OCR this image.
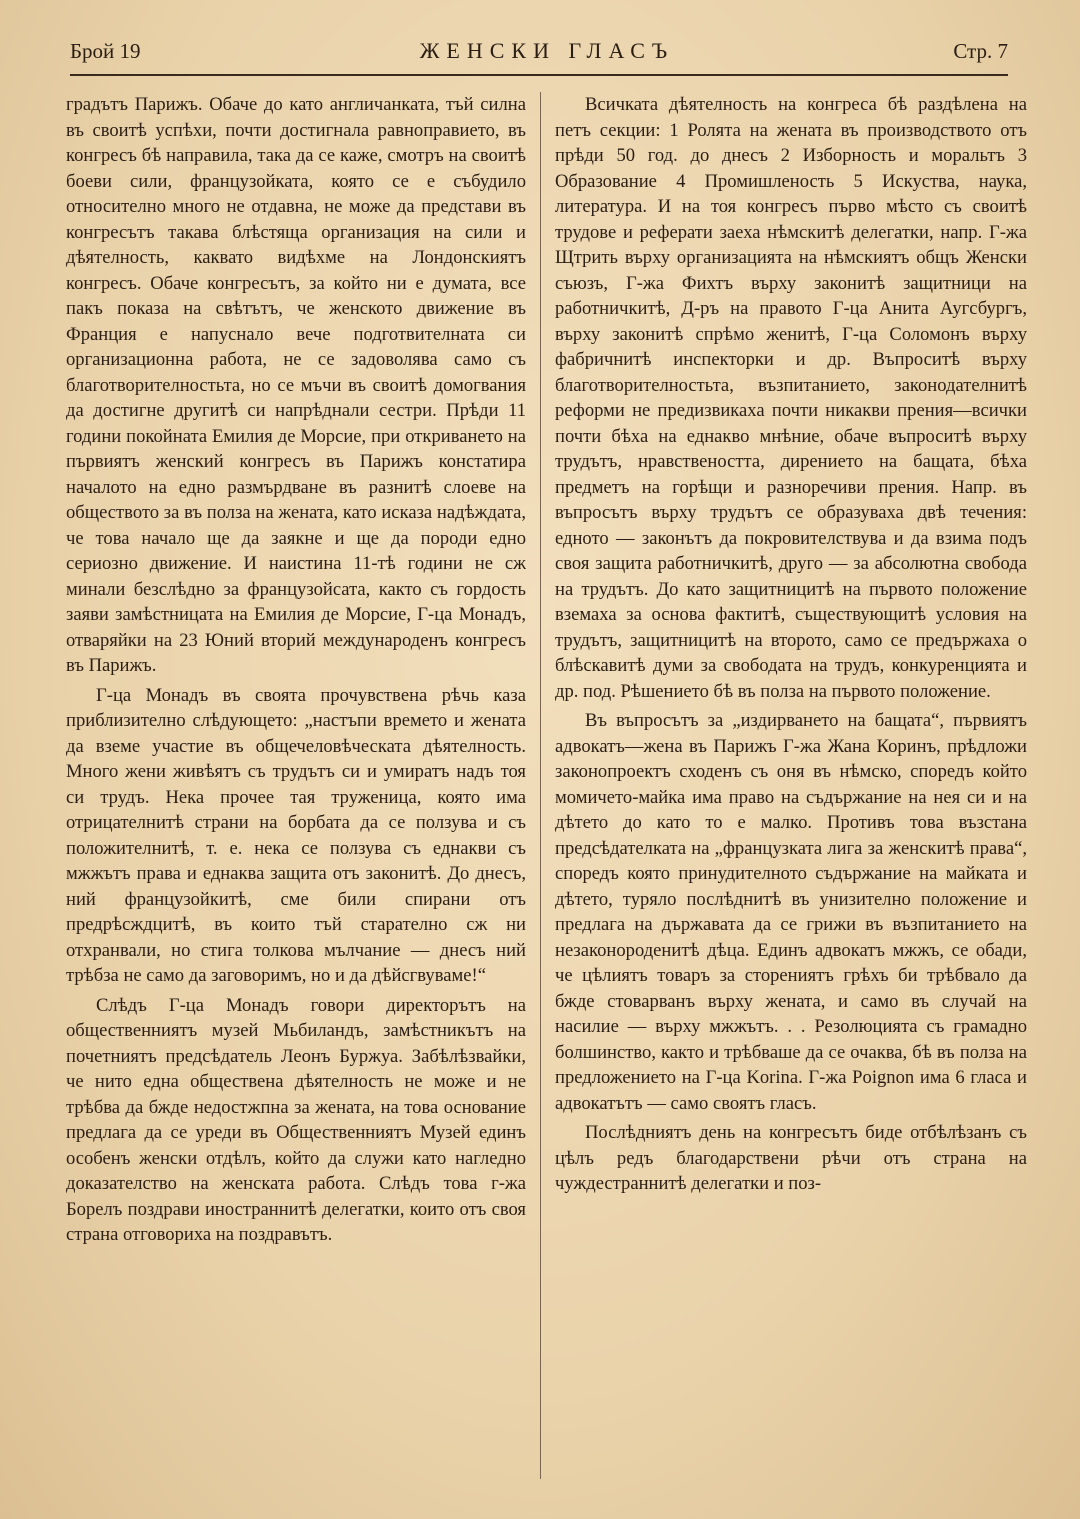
Брой 19	ЖЕНСКИ ГЛАСЪ	Стр. 7

градътъ Парижъ. Обаче до като англичанката, тъй силна въ своитѣ успѣхи, почти достигнала равноправието, въ конгресъ бѣ направила, така да се каже, смотръ на своитѣ боеви сили, французойката, която се е събудило относително много не отдавна, не може да представи въ конгресътъ такава блѣстяща организация на сили и дѣятелность, каквато видѣхме на Лондонскиятъ конгресъ. Обаче конгресътъ, за който ни е думата, все пакъ показа на свѣтътъ, че женското движение въ Франция е напуснало вече подготвителната си организационна работа, не се задоволява само съ благотворителностьта, но се мъчи въ своитѣ домогвания да достигне другитѣ си напрѣднали сестри. Прѣди 11 години покойната Емилия де Морсие, при откриването на първиятъ женский конгресъ въ Парижъ констатира началото на едно размърдване въ разнитѣ слоеве на обществото за въ полза на жената, като исказа надѣждата, че това начало ще да заякне и ще да породи едно сериозно движение. И наистина 11-тѣ години не сж минали безслѣдно за французойсата, както съ гордость заяви замѣстницата на Емилия де Морсие, Г-ца Монадъ, отваряйки на 23 Юний вторий международенъ конгресъ въ Парижъ.

Г-ца Монадъ въ своята прочувствена рѣчь каза приблизително слѣдующето: „настъпи времето и жената да вземе участие въ общечеловѣческата дѣятелность. Много жени живѣятъ съ трудътъ си и умиратъ надъ тоя си трудъ. Нека прочее тая труженица, която има отрицателнитѣ страни на борбата да се ползува и съ положителнитѣ, т. е. нека се ползува съ еднакви съ мжжътъ права и еднаква защита отъ законитѣ. До днесъ, ний французойкитѣ, сме били спирани отъ предрѣсждцитѣ, въ които тъй старателно сж ни отхранвали, но стига толкова мълчание — днесъ ний трѣбза не само да заговоримъ, но и да дѣйсгвуваме!“

Слѣдъ Г-ца Монадъ говори директорътъ на общественниятъ музей Мьбиландъ, замѣстникътъ на почетниятъ предсѣдатель Леонъ Буржуа. Забѣлѣзвайки, че нито една обществена дѣятелность не може и не трѣбва да бжде недостжпна за жената, на това основание предлага да се уреди въ Общественниятъ Музей единъ особенъ женски отдѣлъ, който да служи като нагледно доказателство на женската работа. Слѣдъ това г-жа Борелъ поздрави иностраннитѣ делегатки, които отъ своя страна отговориха на поздравътъ.

Всичката дѣятелность на конгреса бѣ раздѣлена на петъ секции: 1 Ролята на жената въ производството отъ прѣди 50 год. до днесъ 2 Изборность и моральтъ 3 Образование 4 Промишленость 5 Искуства, наука, литература. И на тоя конгресъ първо мѣсто съ своитѣ трудове и реферати заеха нѣмскитѣ делегатки, напр. Г-жа Щтрить върху организацията на нѣмскиятъ общъ Женски съюзъ, Г-жа Фихтъ върху законитѣ защитници на работничкитѣ, Д-ръ на правото Г-ца Анита Аугсбургъ, върху законитѣ спрѣмо женитѣ, Г-ца Соломонъ върху фабричнитѣ инспекторки и др. Въпроситѣ върху благотворителностьта, възпитанието, законодателнитѣ реформи не предизвикаха почти никакви прения—всички почти бѣха на еднакво мнѣние, обаче въпроситѣ върху трудътъ, нравствеността, дирението на бащата, бѣха предметъ на горѣщи и разноречиви прения. Напр. въ въпросътъ върху трудътъ се образуваха двѣ течения: едното — законътъ да покровителствува и да взима подъ своя защита работничкитѣ, друго — за абсолютна свобода на трудътъ. До като защитницитѣ на първото положение вземаха за основа фактитѣ, съществующитѣ условия на трудътъ, защитницитѣ на второто, само се предържаха о блѣскавитѣ думи за свободата на трудъ, конкуренцията и др. под. Рѣшението бѣ въ полза на първото положение.

Въ въпросътъ за „издирването на бащата“, първиятъ адвокатъ—жена въ Парижъ Г-жа Жана Коринъ, прѣдложи законопроектъ сходенъ съ оня въ нѣмско, споредъ който момичето-майка има право на съдържание на нея си и на дѣтето до като то е малко. Противъ това възстана предсѣдателката на „французката лига за женскитѣ права“, споредъ която принудителното съдържание на майката и дѣтето, туряло послѣднитѣ въ унизително положение и предлага на държавата да се грижи въ възпитанието на незаконороденитѣ дѣца. Единъ адвокатъ мжжъ, се обади, че цѣлиятъ товаръ за сторениятъ грѣхъ би трѣбвало да бжде стоварванъ върху жената, и само въ случай на насилие — върху мжжътъ. . . Резолюцията съ грамадно болшинство, както и трѣбваше да се очаква, бѣ въ полза на предложението на Г-ца Korina. Г-жа Poignon има 6 гласа и адвокатътъ — само своятъ гласъ.

Послѣдниятъ день на конгресътъ биде отбѣлѣзанъ съ цѣлъ редъ благодарствени рѣчи отъ страна на чуждестраннитѣ делегатки и поз-
